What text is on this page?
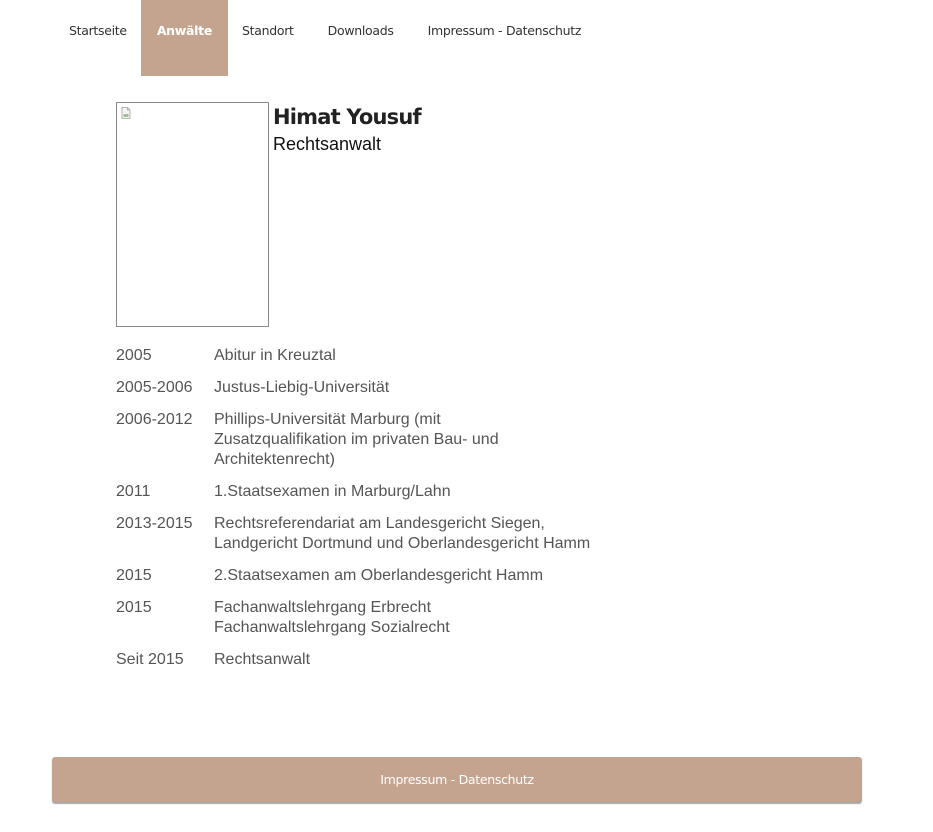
Startseite	Anwälte	Standort	Downloads	Impressum - Datenschutz
Himat Yousuf
Rechtsanwalt
2005	Abitur in Kreuztal
2005-2006	Justus-Liebig-Universität
2006-2012	Phillips-Universität Marburg (mit
Zusatzqualifikation im privaten Bau- und
Architektenrecht)
2011	1.Staatsexamen in Marburg/Lahn
2013-2015	Rechtsreferendariat am Landesgericht Siegen,
Landgericht Dortmund und Oberlandesgericht Hamm
2015	2.Staatsexamen am Oberlandesgericht Hamm
2015	Fachanwaltslehrgang Erbrecht
Fachanwaltslehrgang Sozialrecht
Seit 2015	Rechtsanwalt
Impressum - Datenschutz
